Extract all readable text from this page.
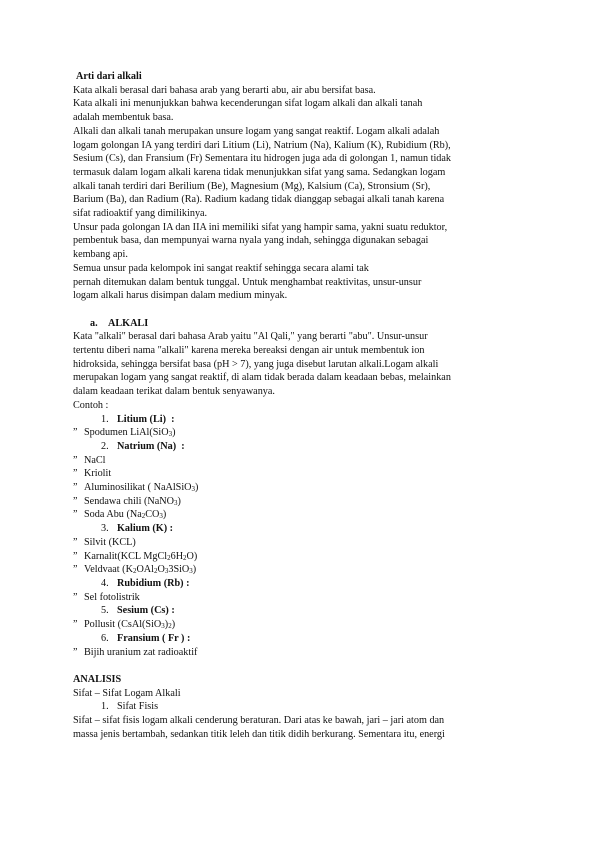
Arti dari alkali
Kata alkali berasal dari bahasa arab yang berarti abu, air abu bersifat basa.
Kata alkali ini menunjukkan bahwa kecenderungan sifat logam alkali dan alkali tanah
adalah membentuk basa.
Alkali dan alkali tanah merupakan unsure logam yang sangat reaktif. Logam alkali adalah
logam golongan IA yang terdiri dari Litium (Li), Natrium (Na), Kalium (K), Rubidium (Rb),
Sesium (Cs), dan Fransium (Fr) Sementara itu hidrogen juga ada di golongan 1, namun tidak
termasuk dalam logam alkali karena tidak menunjukkan sifat yang sama. Sedangkan logam
alkali tanah terdiri dari Berilium (Be), Magnesium (Mg), Kalsium (Ca), Stronsium (Sr),
Barium (Ba), dan Radium (Ra). Radium kadang tidak dianggap sebagai alkali tanah karena
sifat radioaktif yang dimilikinya.
Unsur pada golongan IA dan IIA ini memiliki sifat yang hampir sama, yakni suatu reduktor,
pembentuk basa, dan mempunyai warna nyala yang indah, sehingga digunakan sebagai
kembang api.
Semua unsur pada kelompok ini sangat reaktif sehingga secara alami tak
pernah ditemukan dalam bentuk tunggal. Untuk menghambat reaktivitas, unsur-unsur
logam alkali harus disimpan dalam medium minyak.
a. ALKALI
Kata "alkali" berasal dari bahasa Arab yaitu "Al Qali," yang berarti "abu". Unsur-unsur
tertentu diberi nama "alkali" karena mereka bereaksi dengan air untuk membentuk ion
hidroksida, sehingga bersifat basa (pH > 7), yang juga disebut larutan alkali.Logam alkali
merupakan logam yang sangat reaktif, di alam tidak berada dalam keadaan bebas, melainkan
dalam keadaan terikat dalam bentuk senyawanya.
Contoh :
1. Litium (Li)  :
” Spodumen LiAl(SiO$_3$)
2. Natrium (Na)  :
” NaCl
” Kriolit
” Aluminosilikat ( NaAlSiO$_3$)
” Sendawa chili (NaNO$_3$)
” Soda Abu $(Na_2CO_3)$
3. Kalium (K) :
” Silvit (KCL)
” Karnalit(KCL $MgCl_26H_2O$)
” Veldvaat $(K_2OAl_2O_33SiO_3)$
4. Rubidium (Rb) :
” Sel fotolistrik
5. Sesium (Cs) :
” Pollusit $(CsAl(SiO_3)_2)$
6. Fransium ( Fr ) :
” Bijih uranium zat radioaktif
ANALISIS
Sifat – Sifat Logam Alkali
1. Sifat Fisis
Sifat – sifat fisis logam alkali cenderung beraturan. Dari atas ke bawah, jari – jari atom dan
massa jenis bertambah, sedankan titik leleh dan titik didih berkurang. Sementara itu, energi
